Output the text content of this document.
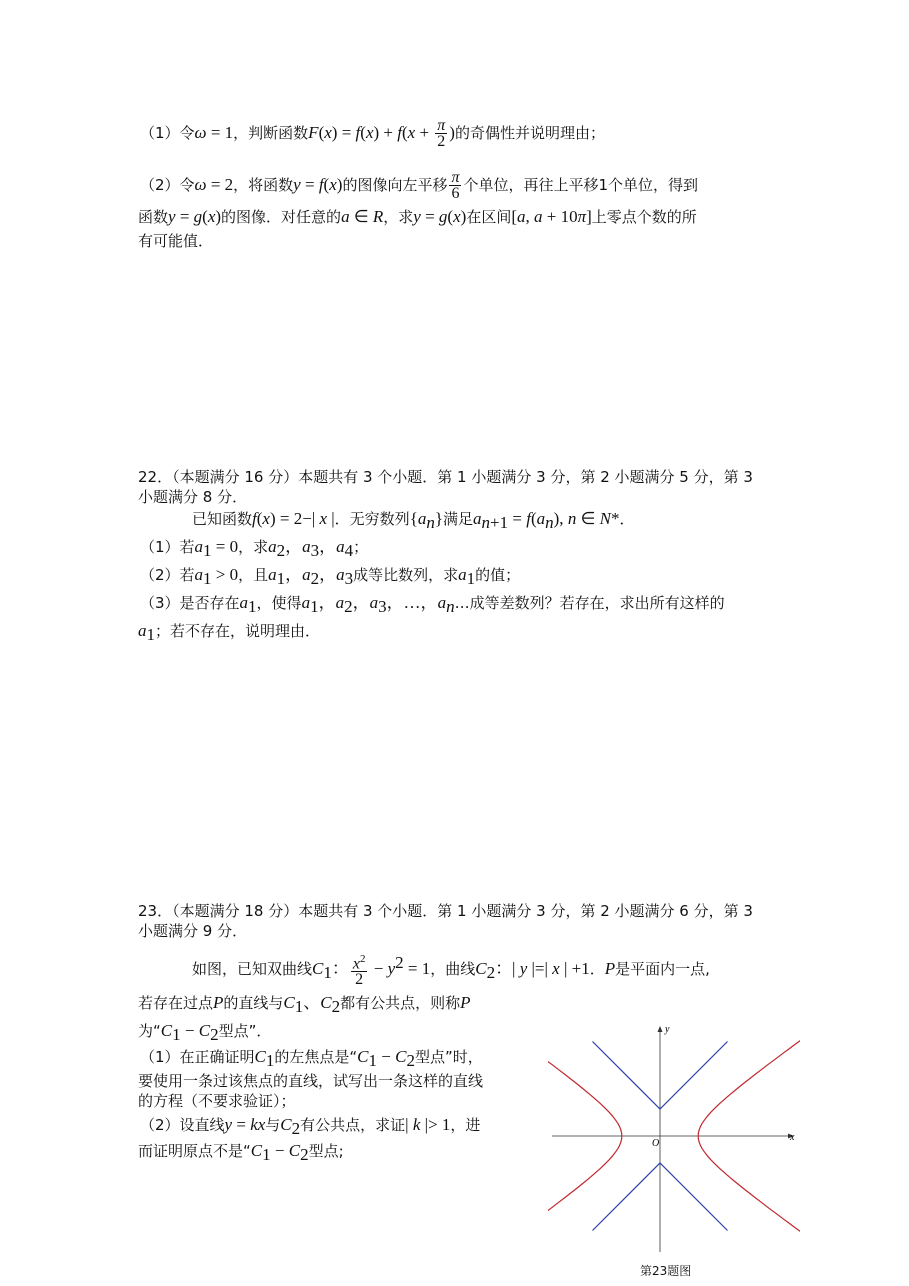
（1）令ω = 1，判断函数$F(x) = f(x) + f(x + \frac{\pi}{2}$ )的奇偶性并说明理由；
（2）令ω = 2，将函数y = f(x)的图像向左平移 $\frac{\pi}{6}$ 个单位，再往上平移1个单位，得到
函数y = g(x)的图像．对任意的a ∈ R，求y = g(x)在区间[a, a + 10π]上零点个数的所
有可能值．
22．（本题满分 16 分）本题共有 3 个小题．第 1 小题满分 3 分，第 2 小题满分 5 分，第 3
小题满分 8 分．
已知函数f(x) = 2−| x |．无穷数列$\{a_n\}$满足$a_{n+1} = f(a_n)$, n ∈ N*．
（1）若$a_1 = 0$，求$a_2$，$a_3$，$a_4$；
（2）若$a_1 > 0$，且$a_1$，$a_2$，$a_3$成等比数列，求$a_1$的值；
（3）是否存在$a_1$，使得$a_1$，$a_2$，$a_3$，…，$a_n\dots$成等差数列？若存在，求出所有这样的
$a_1$；若不存在，说明理由．
23．（本题满分 18 分）本题共有 3 个小题．第 1 小题满分 3 分，第 2 小题满分 6 分，第 3
小题满分 9 分．
如图，已知双曲线$C_1$： $\frac{x^2}{2} - y^2 = 1$，曲线$C_2$：| y |=| x | +1．P是平面内一点,
若存在过点P的直线与$C_1$、$C_2$都有公共点，则称P
为“$C_1 - C_2$型点”．
（1）在正确证明$C_1$的左焦点是“$C_1 - C_2$型点”时，
要使用一条过该焦点的直线，试写出一条这样的直线
的方程（不要求验证）；
（2）设直线y = kx与$C_2$有公共点，求证| k |> 1，进
而证明原点不是“$C_1 - C_2$型点;
x
y
O
第23题图
